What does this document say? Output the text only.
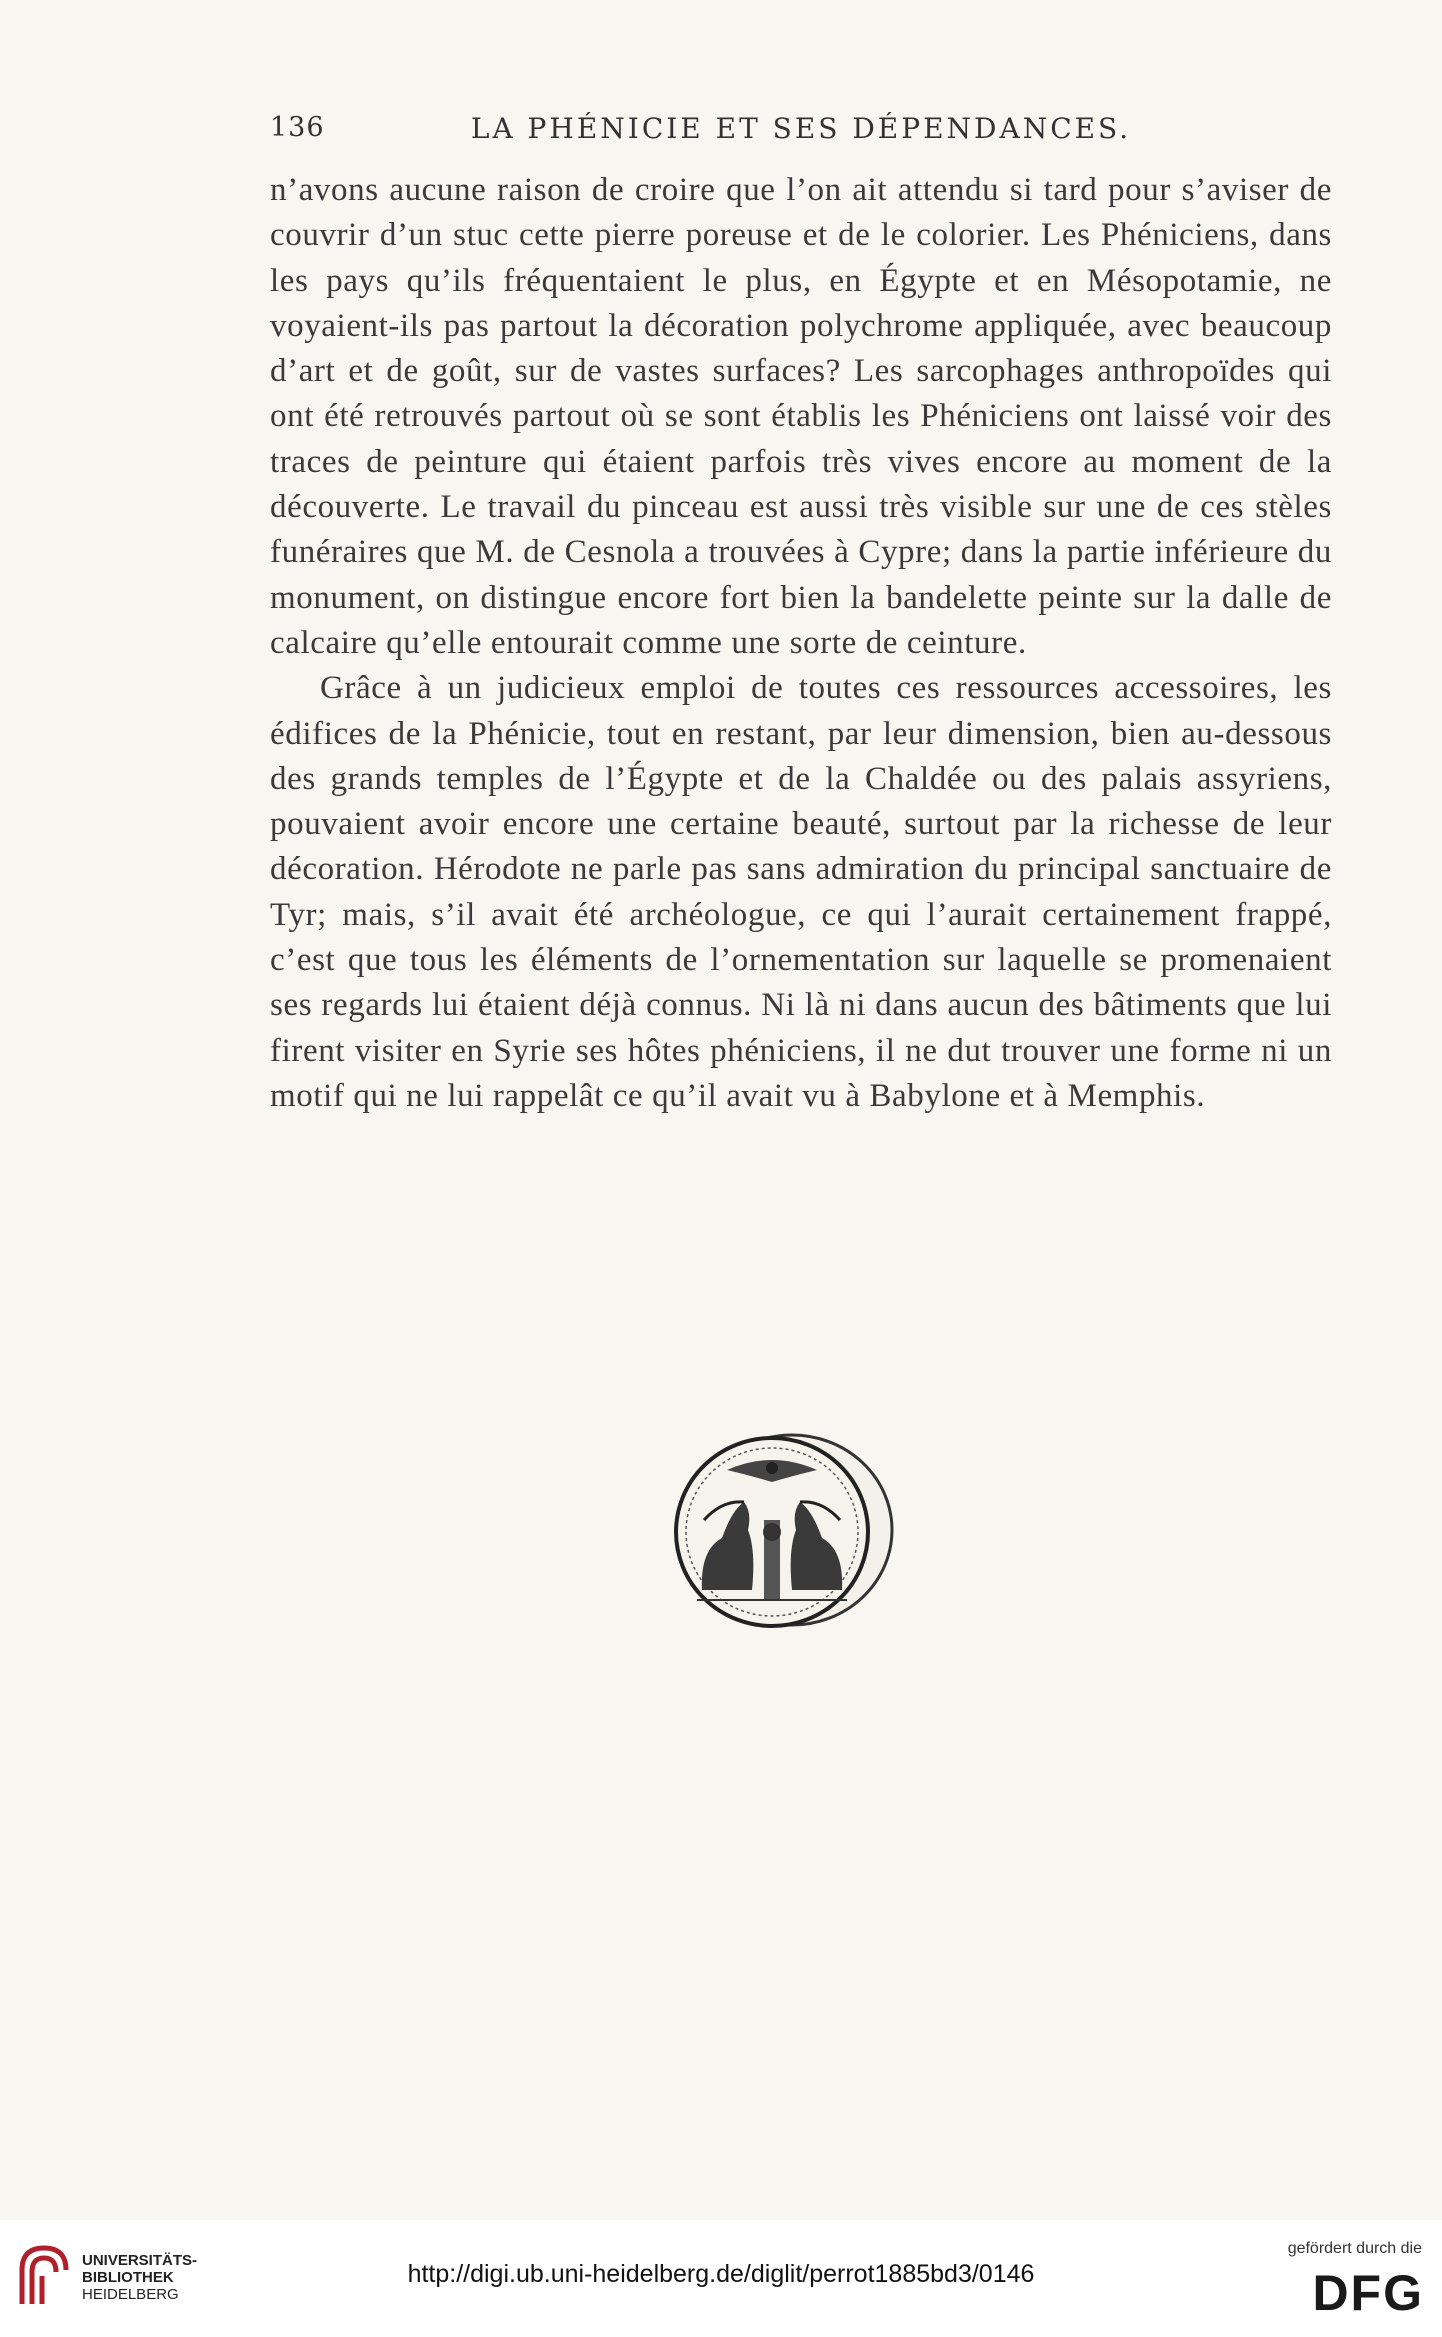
136	LA PHÉNICIE ET SES DÉPENDANCES.

n’avons aucune raison de croire que l’on ait attendu si tard pour s’aviser de couvrir d’un stuc cette pierre poreuse et de le colorier. Les Phéniciens, dans les pays qu’ils fréquentaient le plus, en Égypte et en Mésopotamie, ne voyaient-ils pas partout la décoration polychrome appliquée, avec beaucoup d’art et de goût, sur de vastes surfaces? Les sarcophages anthropoïdes qui ont été retrouvés partout où se sont établis les Phéniciens ont laissé voir des traces de peinture qui étaient parfois très vives encore au moment de la découverte. Le travail du pinceau est aussi très visible sur une de ces stèles funéraires que M. de Cesnola a trouvées à Cypre; dans la partie inférieure du monument, on distingue encore fort bien la bandelette peinte sur la dalle de calcaire qu’elle entourait comme une sorte de ceinture.

Grâce à un judicieux emploi de toutes ces ressources accessoires, les édifices de la Phénicie, tout en restant, par leur dimension, bien au-dessous des grands temples de l’Égypte et de la Chaldée ou des palais assyriens, pouvaient avoir encore une certaine beauté, surtout par la richesse de leur décoration. Hérodote ne parle pas sans admiration du principal sanctuaire de Tyr; mais, s’il avait été archéologue, ce qui l’aurait certainement frappé, c’est que tous les éléments de l’ornementation sur laquelle se promenaient ses regards lui étaient déjà connus. Ni là ni dans aucun des bâtiments que lui firent visiter en Syrie ses hôtes phéniciens, il ne dut trouver une forme ni un motif qui ne lui rappelât ce qu’il avait vu à Babylone et à Memphis.

UNIVERSITÄTS-
BIBLIOTHEK
HEIDELBERG
http://digi.ub.uni-heidelberg.de/diglit/perrot1885bd3/0146
gefördert durch die
DFG
